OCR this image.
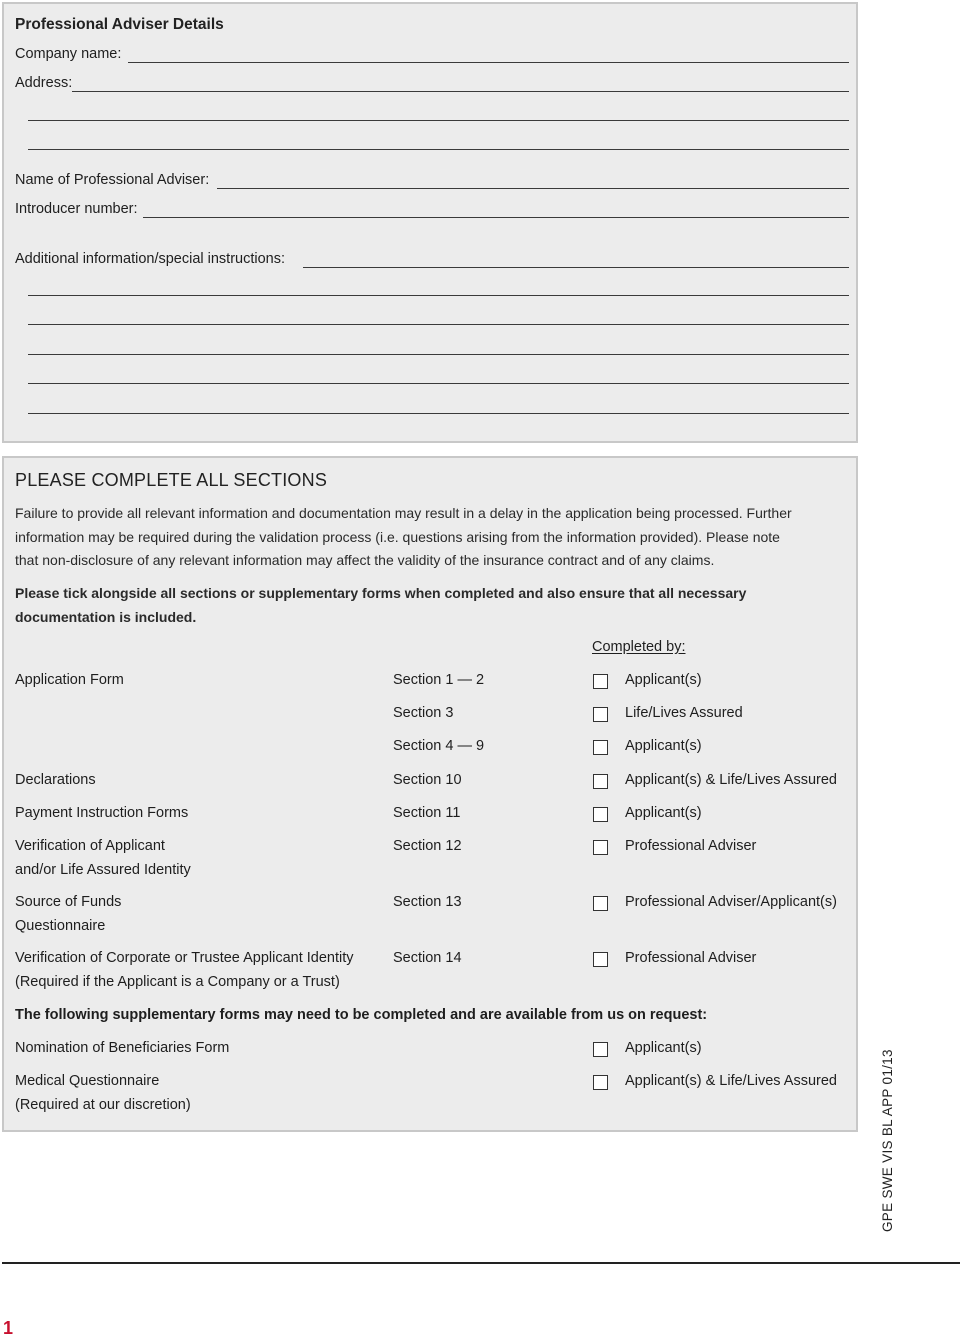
Professional Adviser Details
Company name:
Address:
Name of Professional Adviser:
Introducer number:
Additional information/special instructions:
PLEASE COMPLETE ALL SECTIONS
Failure to provide all relevant information and documentation may result in a delay in the application being processed. Further
information may be required during the validation process (i.e. questions arising from the information provided). Please note
that non-disclosure of any relevant information may affect the validity of the insurance contract and of any claims.
Please tick alongside all sections or supplementary forms when completed and also ensure that all necessary
documentation is included.
Completed by:
Application Form	Section 1 — 2	Applicant(s)
Section 3	Life/Lives Assured
Section 4 — 9	Applicant(s)
Declarations	Section 10	Applicant(s) & Life/Lives Assured
Payment Instruction Forms	Section 11	Applicant(s)
Verification of Applicant
and/or Life Assured Identity
Section 12	Professional Adviser
Source of Funds
Questionnaire
Section 13	Professional Adviser/Applicant(s)
Verification of Corporate or Trustee Applicant Identity
(Required if the Applicant is a Company or a Trust)
Section 14	Professional Adviser
The following supplementary forms may need to be completed and are available from us on request:
Nomination of Beneficiaries Form	Applicant(s)
Medical Questionnaire
(Required at our discretion)
Applicant(s) & Life/Lives Assured	GPE SWE VIS BL APP 01/13
1
